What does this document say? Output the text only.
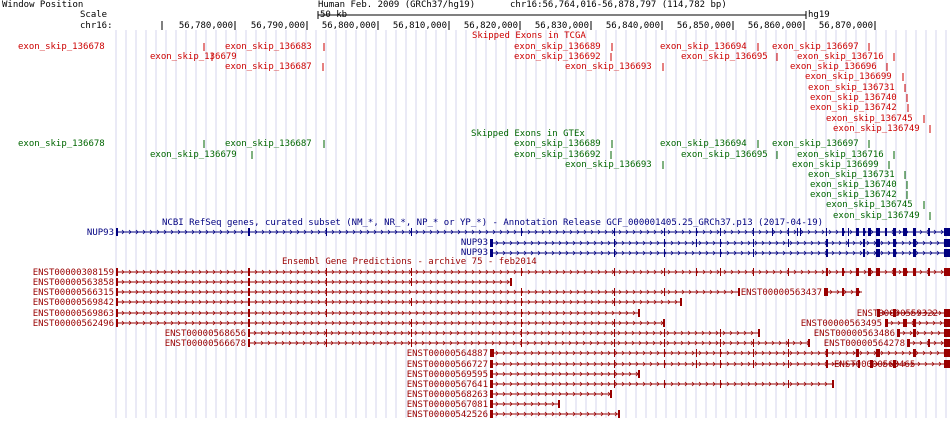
Window Position
Scale
chr16:
Human Feb. 2009 (GRCh37/hg19)	chr16:56,764,016-56,878,797 (114,782 bp)
50 kb	hg19
Skipped Exons in TCGA
exon_skip_136678
Skipped Exons in GTEx
exon_skip_136678
NCBI RefSeq genes, curated subset (NM_*, NR_*, NP_* or YP_*) - Annotation Release GCF_000001405.25_GRCh37.p13 (2017-04-19)
Ensembl Gene Predictions - archive 75 - feb2014
56,780,000 56,790,000 56,800,000 56,810,000 56,820,000 56,830,000 56,840,000 56,850,000 56,860,000 56,870,000
exon_skip_136683
exon_skip_136679
exon_skip_136687
exon_skip_136689
exon_skip_136692
exon_skip_136693
exon_skip_136694
exon_skip_136695
exon_skip_136697
exon_skip_136716
exon_skip_136696
exon_skip_136699
exon_skip_136731
exon_skip_136740
exon_skip_136742
exon_skip_136745
exon_skip_136749
exon_skip_136687
exon_skip_136679
exon_skip_136689
exon_skip_136692
exon_skip_136693
exon_skip_136694
exon_skip_136695
exon_skip_136697
exon_skip_136716
exon_skip_136699
exon_skip_136731
exon_skip_136740
exon_skip_136742
exon_skip_136745
exon_skip_136749
NUP93
NUP93
NUP93
ENST00000308159
ENST00000563858
ENST00000566315
ENST00000569842
ENST00000569863
ENST00000562496
ENST00000563437
ENST00000559322
ENST00000563495
ENST00000568656	ENST00000563486
ENST00000566678	ENST00000564278
ENST00000563465
ENST00000564887
ENST00000566727
ENST00000569595
ENST00000567641
ENST00000568263
ENST00000567081
ENST00000542526
